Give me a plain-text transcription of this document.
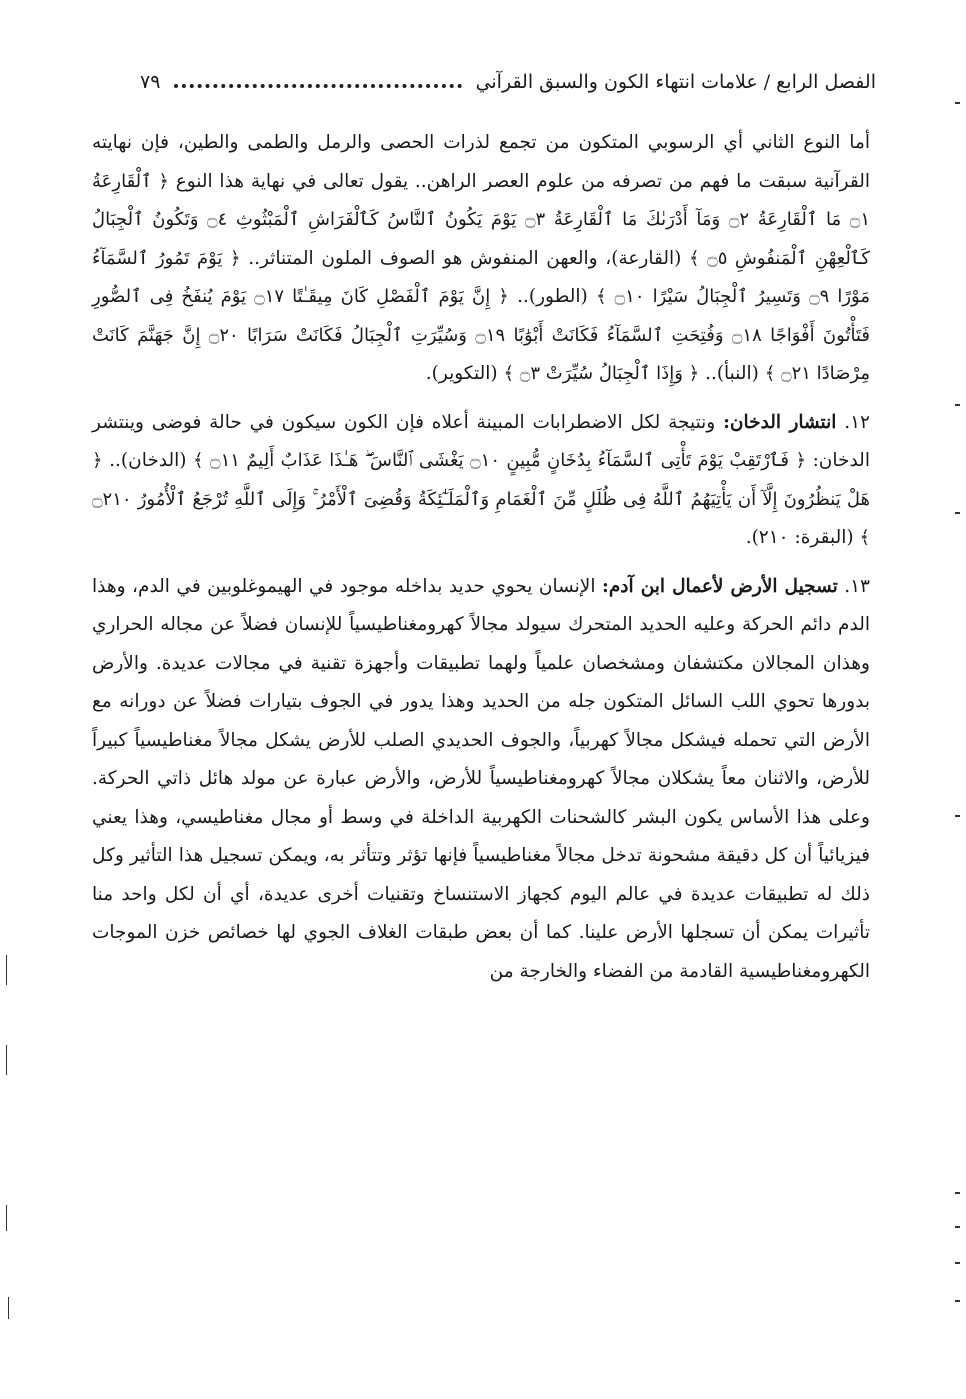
الفصل الرابع / علامات انتهاء الكون والسبق القرآني
٧٩

أما النوع الثاني أي الرسوبي المتكون من تجمع لذرات الحصى والرمل والطمى والطين، فإن نهايته القرآنية سبقت ما فهم من تصرفه من علوم العصر الراهن.. يقول تعالى في نهاية هذا النوع ﴿ ٱلْقَارِعَةُ ۝١ مَا ٱلْقَارِعَةُ ۝٢ وَمَآ أَدْرَىٰكَ مَا ٱلْقَارِعَةُ ۝٣ يَوْمَ يَكُونُ ٱلنَّاسُ كَٱلْفَرَاشِ ٱلْمَبْثُوثِ ۝٤ وَتَكُونُ ٱلْجِبَالُ كَٱلْعِهْنِ ٱلْمَنفُوشِ ۝٥ ﴾ (القارعة)، والعهن المنفوش هو الصوف الملون المتناثر.. ﴿ يَوْمَ تَمُورُ ٱلسَّمَآءُ مَوْرًا ۝٩ وَتَسِيرُ ٱلْجِبَالُ سَيْرًا ۝١٠ ﴾ (الطور).. ﴿ إِنَّ يَوْمَ ٱلْفَصْلِ كَانَ مِيقَـٰتًا ۝١٧ يَوْمَ يُنفَخُ فِى ٱلصُّورِ فَتَأْتُونَ أَفْوَاجًا ۝١٨ وَفُتِحَتِ ٱلسَّمَآءُ فَكَانَتْ أَبْوَٰبًا ۝١٩ وَسُيِّرَتِ ٱلْجِبَالُ فَكَانَتْ سَرَابًا ۝٢٠ إِنَّ جَهَنَّمَ كَانَتْ مِرْصَادًا ۝٢١ ﴾ (النبأ).. ﴿ وَإِذَا ٱلْجِبَالُ سُيِّرَتْ ۝٣ ﴾ (التكوير).

١٢. انتشار الدخان: ونتيجة لكل الاضطرابات المبينة أعلاه فإن الكون سيكون في حالة فوضى وينتشر الدخان: ﴿ فَٱرْتَقِبْ يَوْمَ تَأْتِى ٱلسَّمَآءُ بِدُخَانٍ مُّبِينٍ ۝١٠ يَغْشَى ٱلنَّاسَ ۖ هَـٰذَا عَذَابٌ أَلِيمٌ ۝١١ ﴾ (الدخان).. ﴿ هَلْ يَنظُرُونَ إِلَّآ أَن يَأْتِيَهُمُ ٱللَّهُ فِى ظُلَلٍ مِّنَ ٱلْغَمَامِ وَٱلْمَلَـٰٓئِكَةُ وَقُضِىَ ٱلْأَمْرُ ۚ وَإِلَى ٱللَّهِ تُرْجَعُ ٱلْأُمُورُ ۝٢١٠ ﴾ (البقرة: ٢١٠).

١٣. تسجيل الأرض لأعمال ابن آدم: الإنسان يحوي حديد بداخله موجود في الهيموغلوبين في الدم، وهذا الدم دائم الحركة وعليه الحديد المتحرك سيولد مجالاً كهرومغناطيسياً للإنسان فضلاً عن مجاله الحراري وهذان المجالان مكتشفان ومشخصان علمياً ولهما تطبيقات وأجهزة تقنية في مجالات عديدة. والأرض بدورها تحوي اللب السائل المتكون جله من الحديد وهذا يدور في الجوف بتيارات فضلاً عن دورانه مع الأرض التي تحمله فيشكل مجالاً كهربياً، والجوف الحديدي الصلب للأرض يشكل مجالاً مغناطيسياً كبيراً للأرض، والاثنان معاً يشكلان مجالاً كهرومغناطيسياً للأرض، والأرض عبارة عن مولد هائل ذاتي الحركة. وعلى هذا الأساس يكون البشر كالشحنات الكهربية الداخلة في وسط أو مجال مغناطيسي، وهذا يعني فيزيائياً أن كل دقيقة مشحونة تدخل مجالاً مغناطيسياً فإنها تؤثر وتتأثر به، ويمكن تسجيل هذا التأثير وكل ذلك له تطبيقات عديدة في عالم اليوم كجهاز الاستنساخ وتقنيات أخرى عديدة، أي أن لكل واحد منا تأثيرات يمكن أن تسجلها الأرض علينا. كما أن بعض طبقات الغلاف الجوي لها خصائص خزن الموجات الكهرومغناطيسية القادمة من الفضاء والخارجة من
